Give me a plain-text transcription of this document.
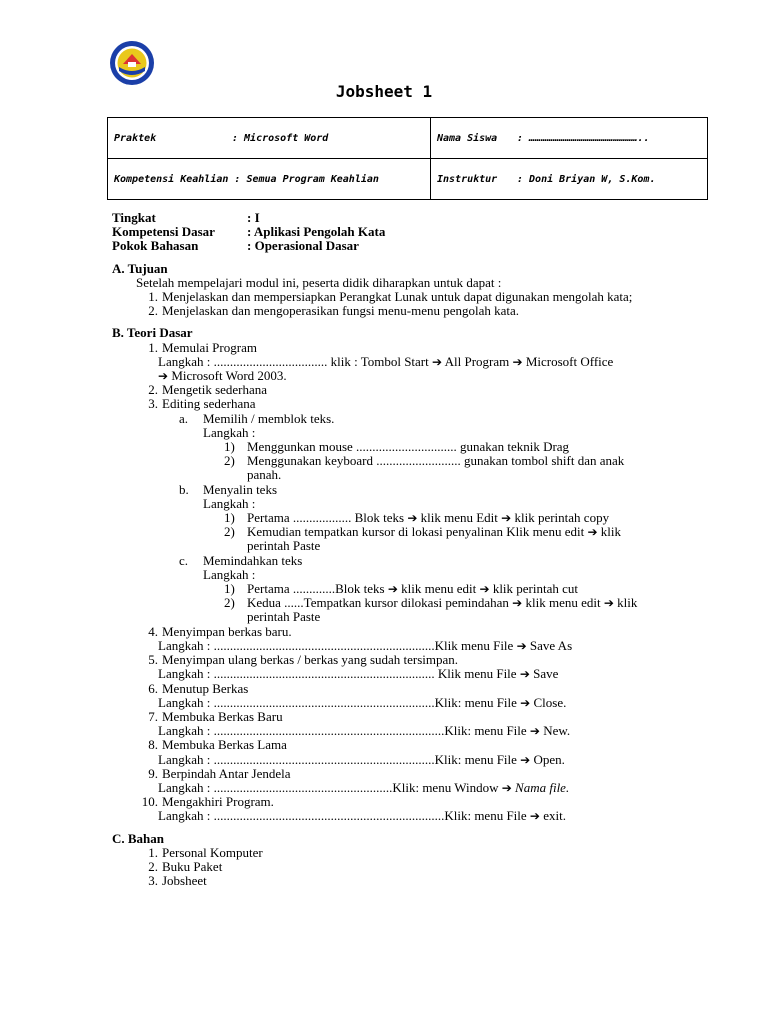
Jobsheet 1
Praktek : Microsoft Word	Nama Siswa : ………………………………………………..
Kompetensi Keahlian : Semua Program Keahlian	Instruktur : Doni Briyan W, S.Kom.
Tingkat	: I
Kompetensi Dasar : Aplikasi Pengolah Kata
Pokok Bahasan	: Operasional Dasar
A. Tujuan
Setelah mempelajari modul ini, peserta didik diharapkan untuk dapat :
1. Menjelaskan dan mempersiapkan Perangkat Lunak untuk dapat digunakan mengolah kata;
2. Menjelaskan dan mengoperasikan fungsi menu-menu pengolah kata.
B. Teori Dasar
1. Memulai Program
Langkah : ................................... klik : Tombol Start ➔ All Program ➔ Microsoft Office
➔ Microsoft Word 2003.
2. Mengetik sederhana
3. Editing sederhana
a. Memilih / memblok teks.
Langkah :
1) Menggunkan mouse ............................... gunakan teknik Drag
2) Menggunakan keyboard .......................... gunakan tombol shift dan anak
panah.
b. Menyalin teks
Langkah :
1) Pertama .................. Blok teks ➔ klik menu Edit ➔ klik perintah copy
2) Kemudian tempatkan kursor di lokasi penyalinan Klik menu edit ➔ klik
perintah Paste
c. Memindahkan teks
Langkah :
1) Pertama .............Blok teks ➔ klik menu edit ➔ klik perintah cut
2) Kedua ......Tempatkan kursor dilokasi pemindahan ➔ klik menu edit ➔ klik
perintah Paste
4. Menyimpan berkas baru.
Langkah : ....................................................................Klik menu File ➔ Save As
5. Menyimpan ulang berkas / berkas yang sudah tersimpan.
Langkah : .................................................................... Klik menu File ➔ Save
6. Menutup Berkas
Langkah : ....................................................................Klik: menu File ➔ Close.
7. Membuka Berkas Baru
Langkah : .......................................................................Klik: menu File ➔ New.
8. Membuka Berkas Lama
Langkah : ....................................................................Klik: menu File ➔ Open.
9. Berpindah Antar Jendela
Langkah : .......................................................Klik: menu Window ➔ Nama file.
10. Mengakhiri Program.
Langkah : .......................................................................Klik: menu File ➔ exit.
C. Bahan
1. Personal Komputer
2. Buku Paket
3. Jobsheet
